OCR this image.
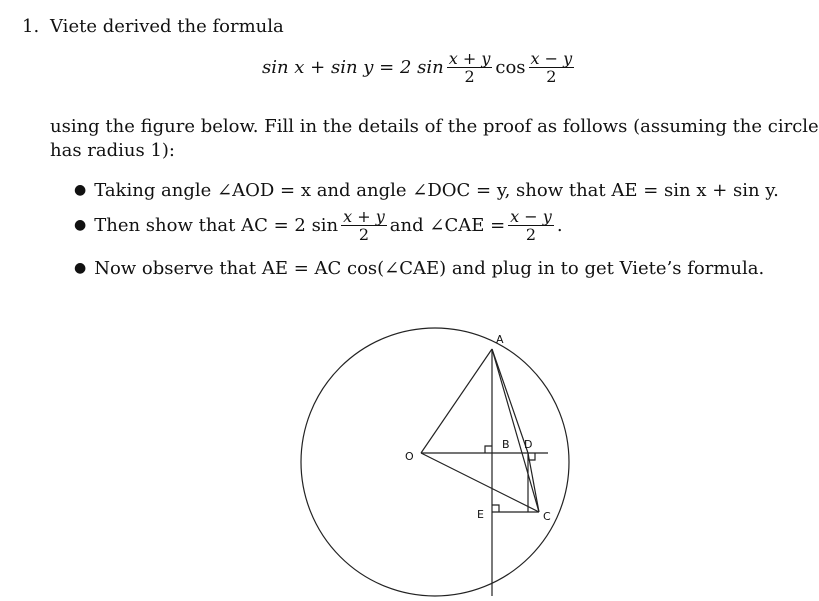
1. Viete derived the formula
sin x + sin y = 2 $\sin \frac{x + y}{2}$ $\cos \frac{x - y}{2}$
using the figure below. Fill in the details of the proof as follows (assuming the circle
has radius 1):
● Taking angle ∠AOD = x and angle ∠DOC = y, show that AE = sin x + sin y.
● Then show that AC = 2 $\sin \frac{x + y}{2}$ and ∠CAE = $\frac{x - y}{2}$ .
● Now observe that AE = AC cos(∠CAE) and plug in to get Viete’s formula.
A
B D
O
E	C
